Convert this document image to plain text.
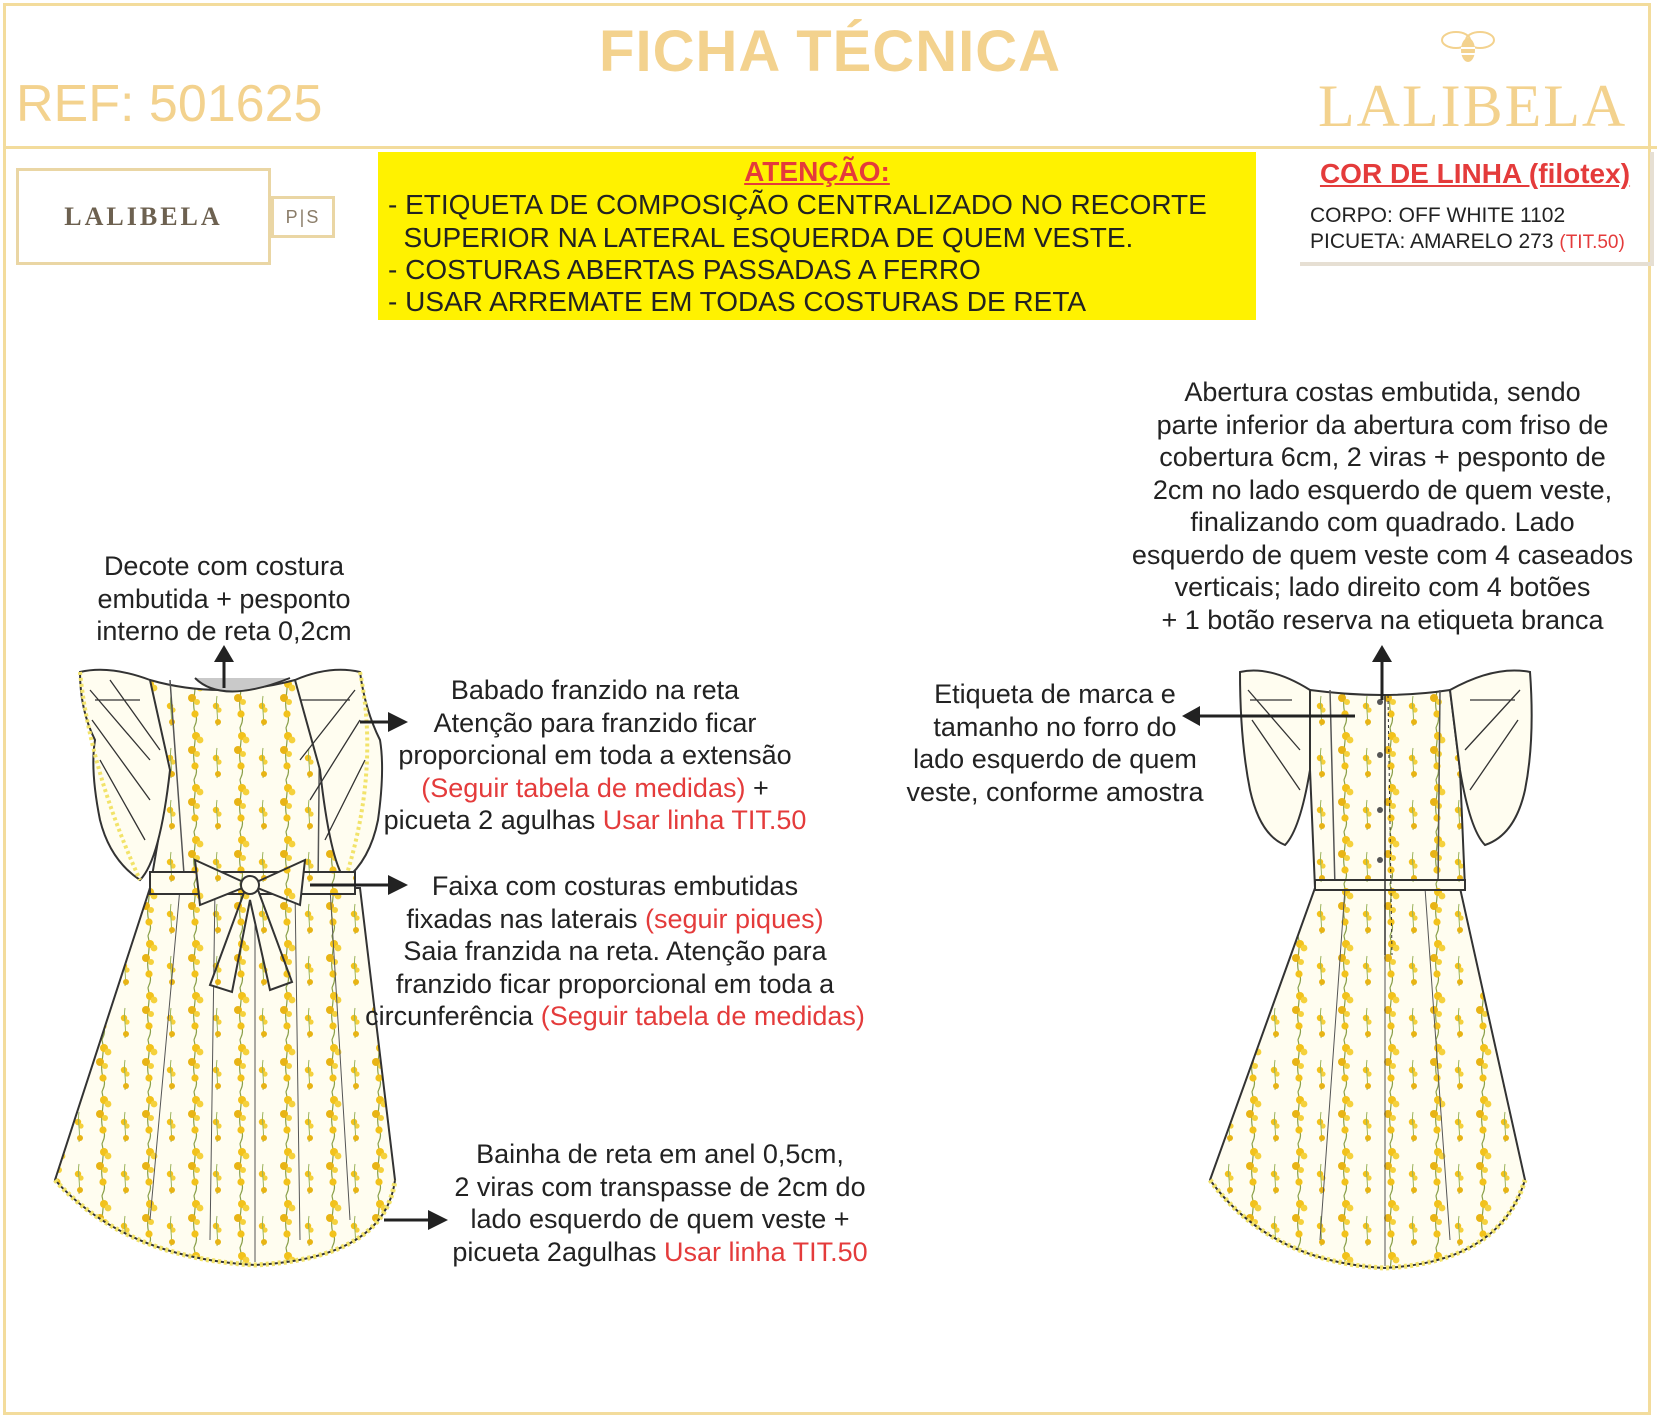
FICHA TÉCNICA
REF: 501625	LALIBELA
LALIBELA	P|S
ATENÇÃO:
- ETIQUETA DE COMPOSIÇÃO CENTRALIZADO NO RECORTE
SUPERIOR NA LATERAL ESQUERDA DE QUEM VESTE.
- COSTURAS ABERTAS PASSADAS A FERRO
- USAR ARREMATE EM TODAS COSTURAS DE RETA
COR DE LINHA (filotex)
CORPO: OFF WHITE 1102
PICUETA: AMARELO 273 (TIT.50)
Decote com costura
embutida + pesponto
interno de reta 0,2cm
Babado franzido na reta
Atenção para franzido ficar
proporcional em toda a extensão
(Seguir tabela de medidas) +
picueta 2 agulhas Usar linha TIT.50
Faixa com costuras embutidas
fixadas nas laterais (seguir piques)
Saia franzida na reta. Atenção para
franzido ficar proporcional em toda a
circunferência (Seguir tabela de medidas)
Bainha de reta em anel 0,5cm,
2 viras com transpasse de 2cm do
lado esquerdo de quem veste +
picueta 2agulhas Usar linha TIT.50
Abertura costas embutida, sendo
parte inferior da abertura com friso de
cobertura 6cm, 2 viras + pesponto de
2cm no lado esquerdo de quem veste,
finalizando com quadrado. Lado
esquerdo de quem veste com 4 caseados
verticais; lado direito com 4 botões
+ 1 botão reserva na etiqueta branca
Etiqueta de marca e
tamanho no forro do
lado esquerdo de quem
veste, conforme amostra
